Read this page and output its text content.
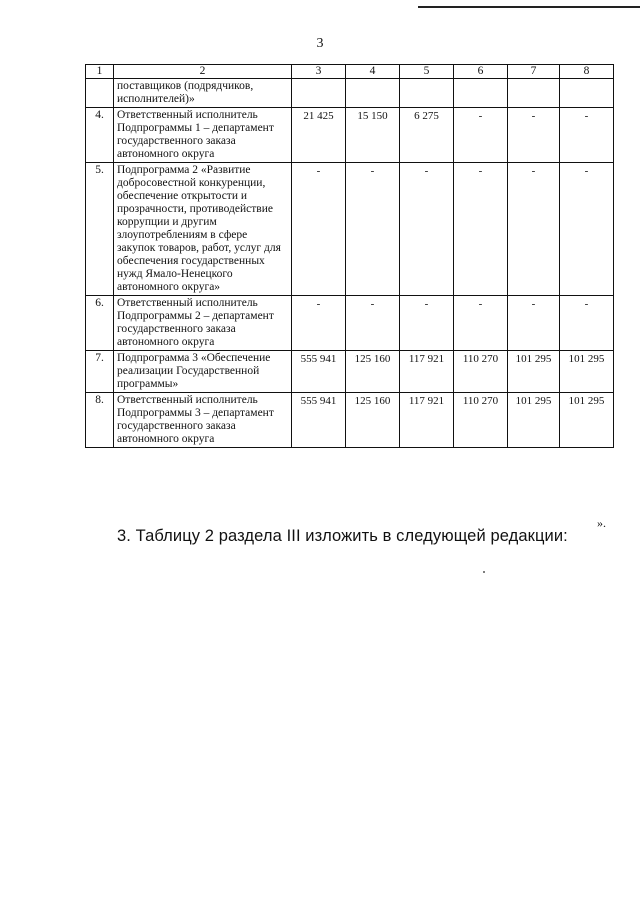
3
1	2	3	4	5	6	7	8
	поставщиков (подрядчиков, исполнителей)»						
4.	Ответственный исполнитель Подпрограммы 1 – департамент государственного заказа автономного округа	21 425	15 150	6 275	-	-	-
5.	Подпрограмма 2 «Развитие добросовестной конкуренции, обеспечение открытости и прозрачности, противодействие коррупции и другим злоупотреблениям в сфере закупок товаров, работ, услуг для обеспечения государственных нужд Ямало-Ненецкого автономного округа»	-	-	-	-	-	-
6.	Ответственный исполнитель Подпрограммы 2 – департамент государственного заказа автономного округа	-	-	-	-	-	-
7.	Подпрограмма 3 «Обеспечение реализации Государственной программы»	555 941	125 160	117 921	110 270	101 295	101 295
8.	Ответственный исполнитель Подпрограммы 3 – департамент государственного заказа автономного округа	555 941	125 160	117 921	110 270	101 295	101 295
».
3. Таблицу 2 раздела III изложить в следующей редакции:
